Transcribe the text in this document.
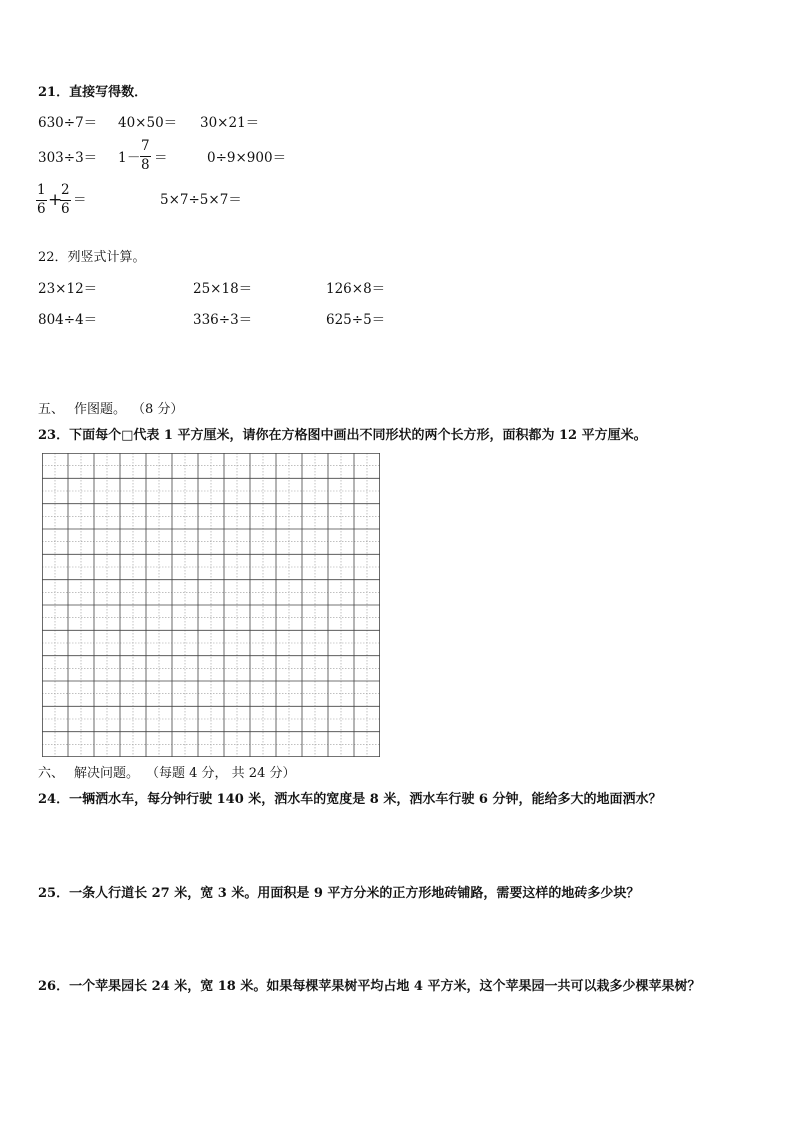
21．直接写得数．
630÷7＝ 40×50＝ 30×21＝
$303\div 3= 1 - \frac{7}{8}$ ＝	0÷9×900＝
$\frac{1}{6}$ +
$\frac{2}{6}$ ＝	5×7÷5×7＝
22．列竖式计算。
23×12＝	25×18＝	126×8＝
804÷4＝	336÷3＝	625÷5＝
五、 作图题。 （8 分）
23．下面每个□代表 1 平方厘米，请你在方格图中画出不同形状的两个长方形，面积都为 12 平方厘米。
六、 解决问题。 （每题 4 分， 共 24 分）
24．一辆洒水车，每分钟行驶 140 米，洒水车的宽度是 8 米，洒水车行驶 6 分钟，能给多大的地面洒水？
25．一条人行道长 27 米，宽 3 米。用面积是 9 平方分米的正方形地砖铺路，需要这样的地砖多少块？
26．一个苹果园长 24 米，宽 18 米。如果每棵苹果树平均占地 4 平方米，这个苹果园一共可以栽多少棵苹果树？
